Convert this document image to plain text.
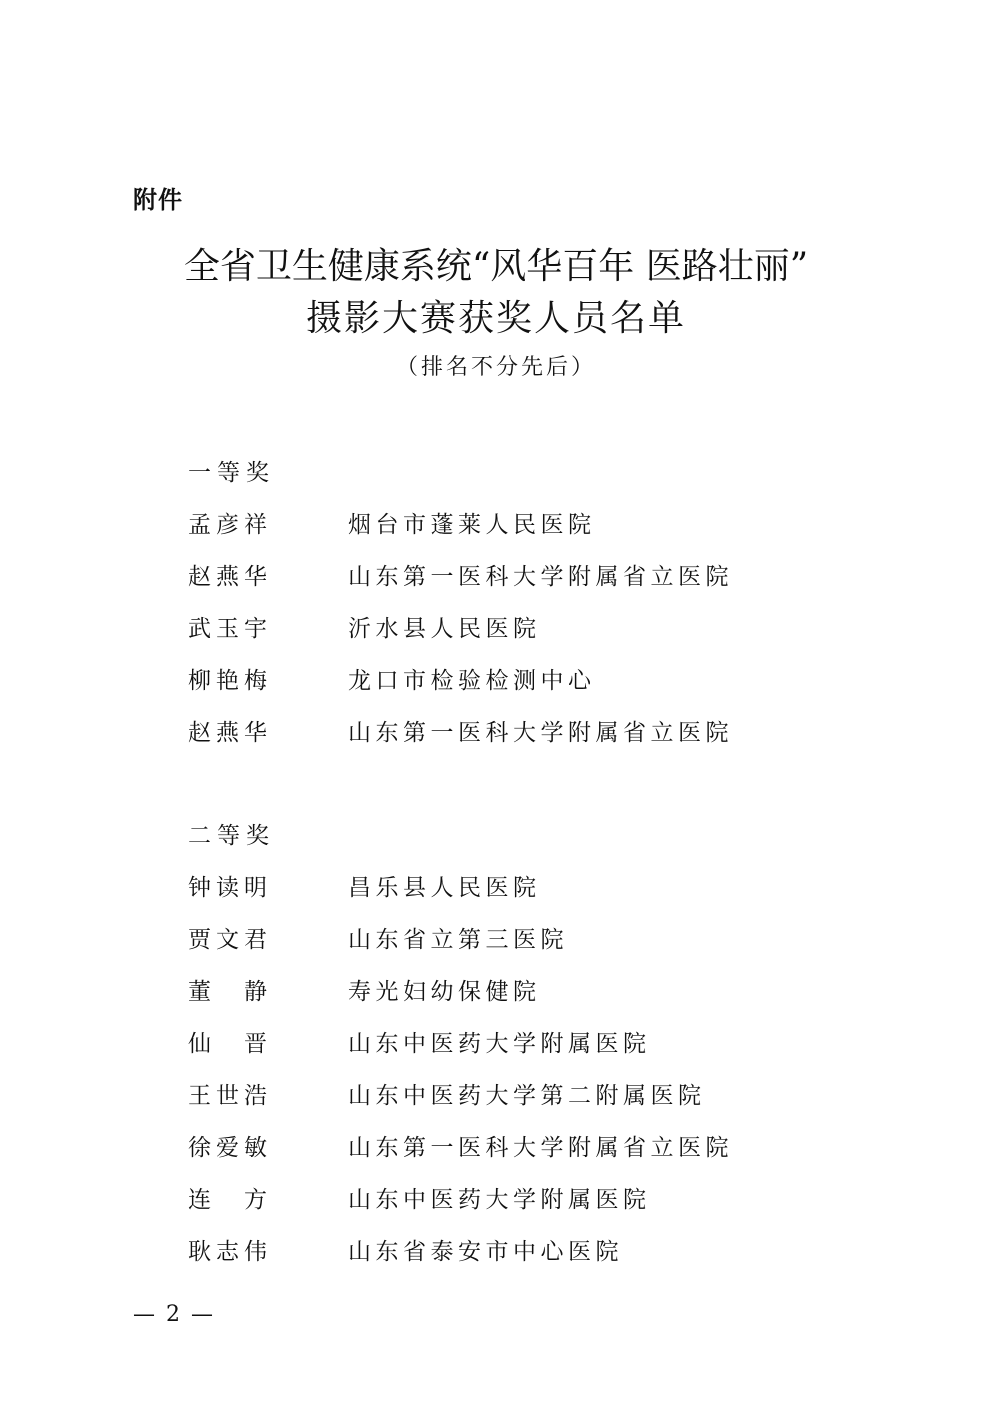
附件
全省卫生健康系统“风华百年 医路壮丽”
摄影大赛获奖人员名单
（排名不分先后）
一等奖
孟彦祥	烟台市蓬莱人民医院
赵燕华	山东第一医科大学附属省立医院
武玉宇	沂水县人民医院
柳艳梅	龙口市检验检测中心
赵燕华	山东第一医科大学附属省立医院
二等奖
钟读明	昌乐县人民医院
贾文君	山东省立第三医院
董　静	寿光妇幼保健院
仙　晋	山东中医药大学附属医院
王世浩	山东中医药大学第二附属医院
徐爱敏	山东第一医科大学附属省立医院
连　方	山东中医药大学附属医院
耿志伟	山东省泰安市中心医院
— 2 —
